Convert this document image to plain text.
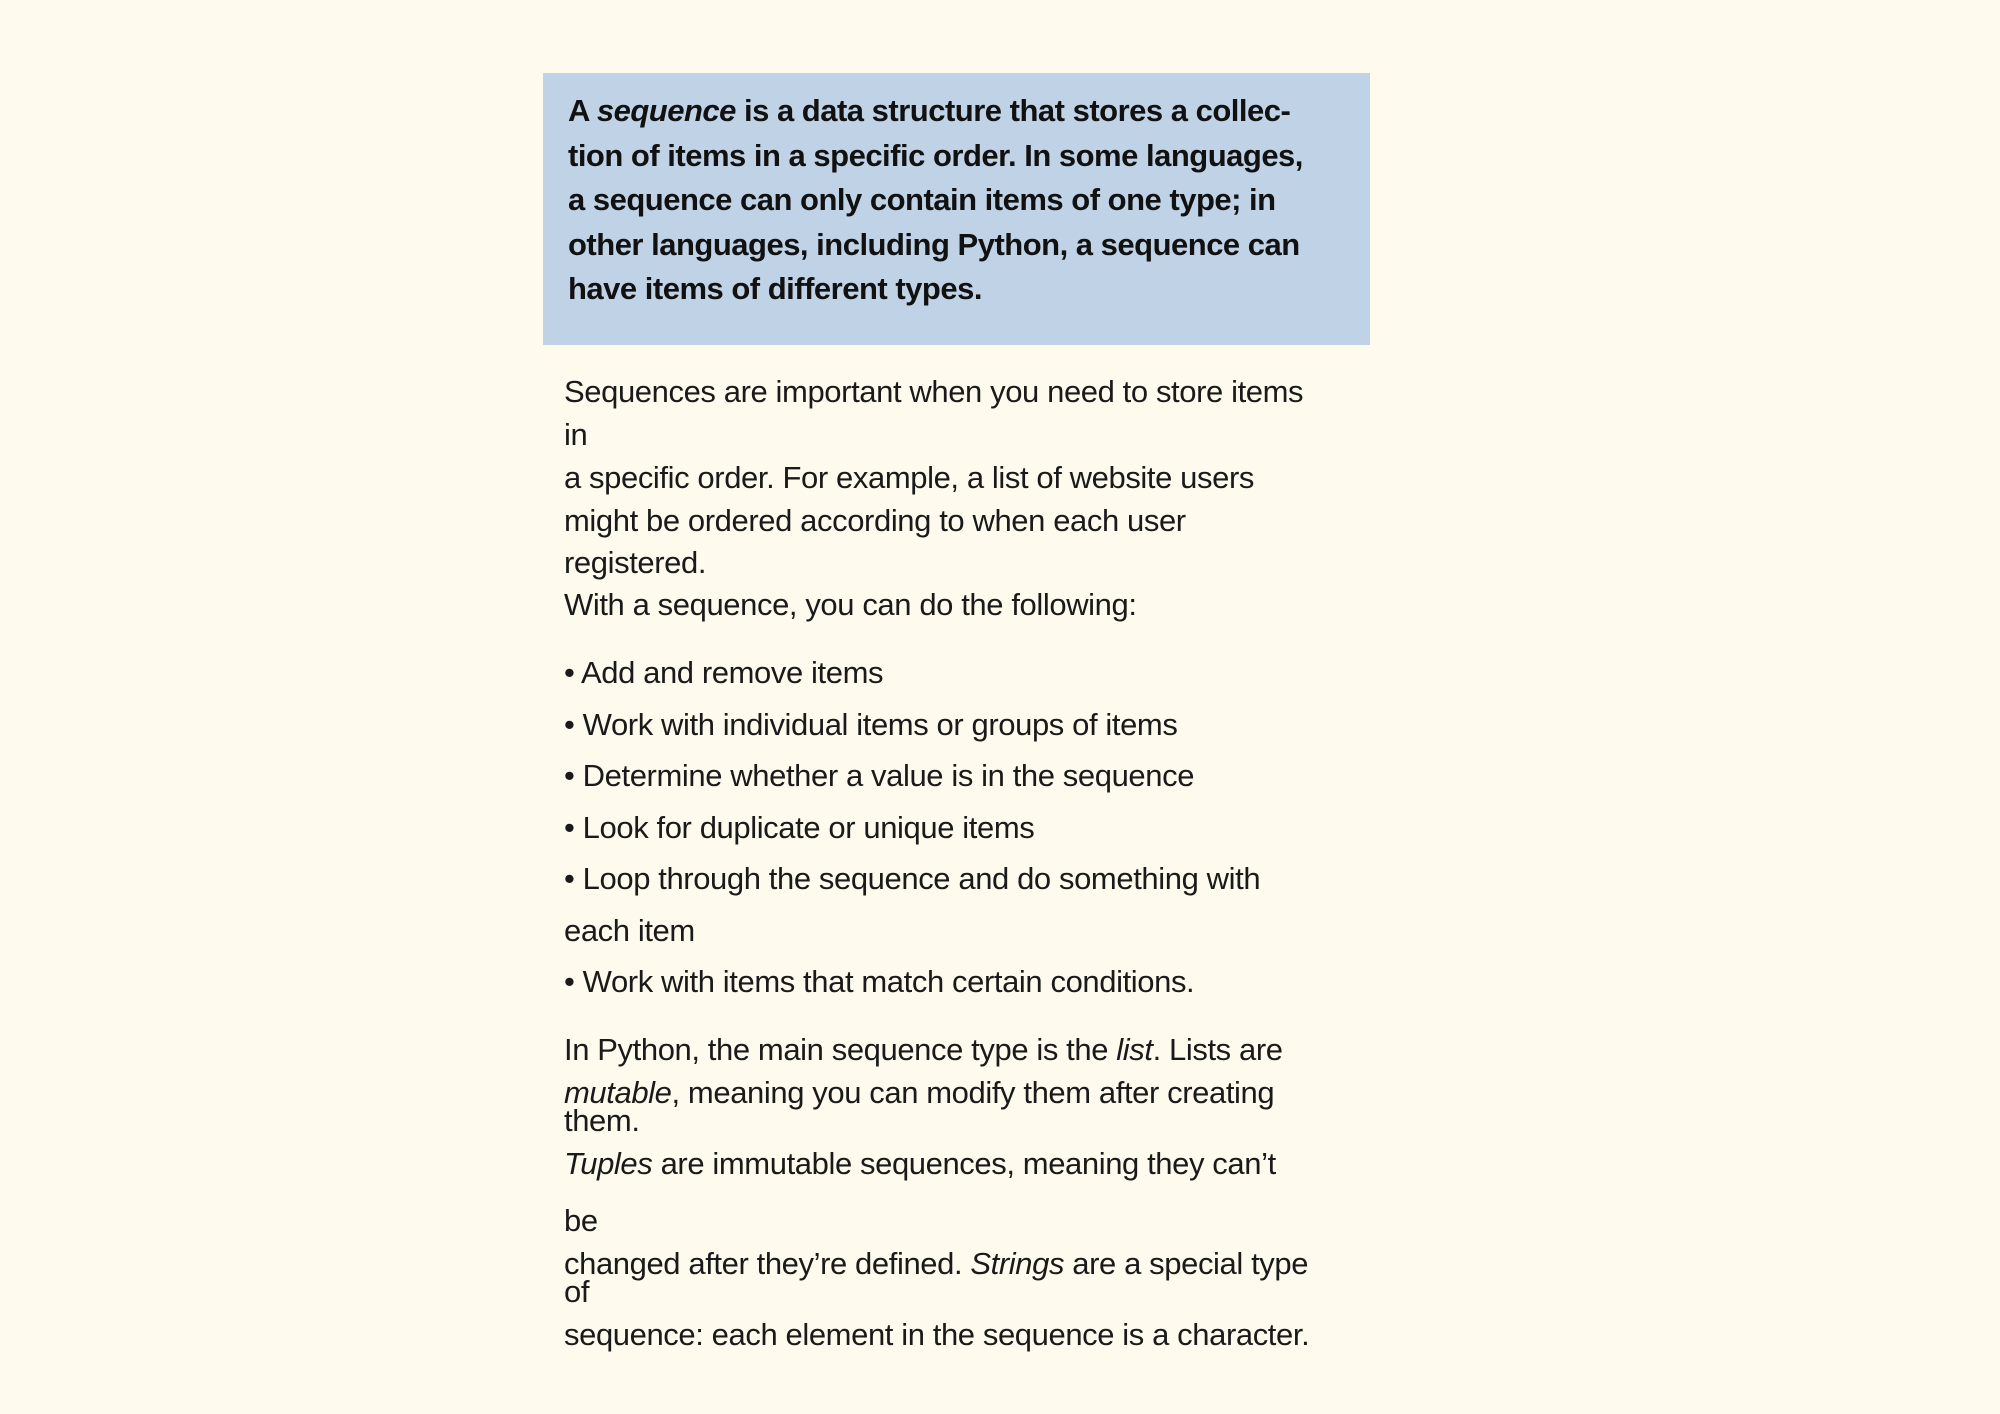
A sequence is a data structure that stores a collec-
tion of items in a specific order. In some languages,
a sequence can only contain items of one type; in
other languages, including Python, a sequence can
have items of different types.

Sequences are important when you need to store items
in
a specific order. For example, a list of website users
might be ordered according to when each user
registered.
With a sequence, you can do the following:
• Add and remove items
• Work with individual items or groups of items
• Determine whether a value is in the sequence
• Look for duplicate or unique items
• Loop through the sequence and do something with
each item
• Work with items that match certain conditions.
In Python, the main sequence type is the list. Lists are
mutable, meaning you can modify them after creating
them.
Tuples are immutable sequences, meaning they can’t
be
changed after they’re defined. Strings are a special type
of
sequence: each element in the sequence is a character.
